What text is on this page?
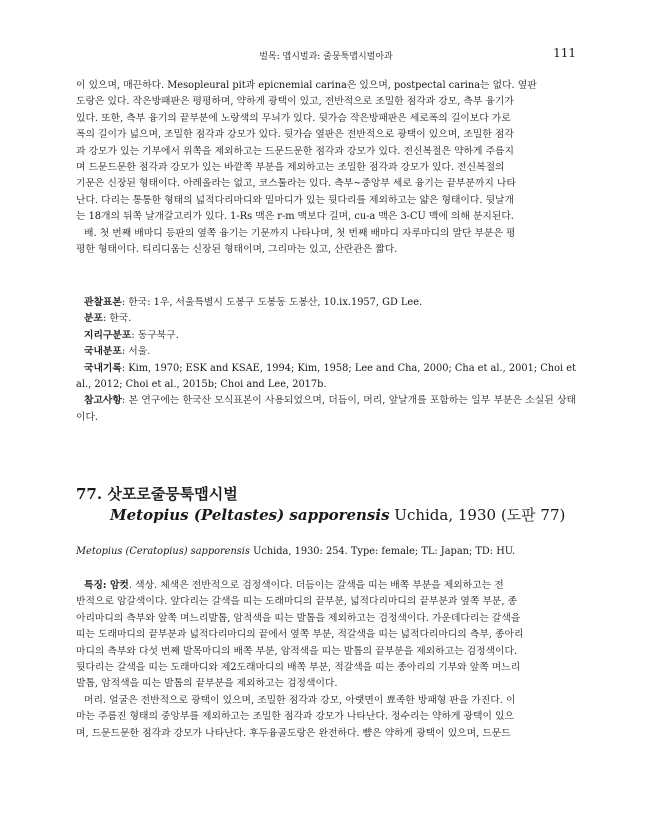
벌목: 맵시벌과: 줄뭉툭맵시벌아과	111

이 있으며, 매끈하다. Mesopleural pit과 epicnemial carina은 있으며, postpectal carina는 없다. 옆판

도랑은 있다. 작은방패판은 평평하며, 약하게 광택이 있고, 전반적으로 조밀한 점각과 강모, 측부 융기가

있다. 또한, 측부 융기의 끝부분에 노랑색의 무늬가 있다. 뒷가슴 작은방패판은 세로폭의 길이보다 가로

폭의 길이가 넓으며, 조밀한 점각과 강모가 있다. 뒷가슴 옆판은 전반적으로 광택이 있으며, 조밀한 점각

과 강모가 있는 기부에서 위쪽을 제외하고는 드문드문한 점각과 강모가 있다. 전신복절은 약하게 주름지

며 드문드문한 점각과 강모가 있는 바깥쪽 부분을 제외하고는 조밀한 점각과 강모가 있다. 전신복절의

기문은 신장된 형태이다. 아레올라는 없고, 코스툴라는 있다. 측부~중앙부 세로 융기는 끝부분까지 나타

난다. 다리는 통통한 형태의 넓적다리마디와 밑마디가 있는 뒷다리를 제외하고는 얇은 형태이다. 뒷날개

는 18개의 뒤쪽 날개갈고리가 있다. 1-Rs 맥은 r-m 맥보다 길며, cu-a 맥은 3-CU 맥에 의해 분지된다.

배. 첫 번째 배마디 등판의 옆쪽 융기는 기문까지 나타나며, 첫 번째 배마디 자루마디의 말단 부분은 평

평한 형태이다. 티리디움는 신장된 형태이며, 그리마는 있고, 산란관은 짧다.

관찰표본: 한국: 1우, 서울특별시 도봉구 도봉동 도봉산, 10.ix.1957, GD Lee.

분포: 한국.

지리구분포: 동구북구.

국내분포: 서울.

국내기록: Kim, 1970; ESK and KSAE, 1994; Kim, 1958; Lee and Cha, 2000; Cha et al., 2001; Choi et al., 2012; Choi et al., 2015b; Choi and Lee, 2017b.

참고사항: 본 연구에는 한국산 모식표본이 사용되었으며, 더듬이, 머리, 앞날개를 포함하는 일부 부분은 소실된 상태이다.

77. 삿포로줄뭉툭맵시벌
Metopius (Peltastes) sapporensis Uchida, 1930 (도판 77)
Metopius (Ceratopius) sapporensis Uchida, 1930: 254. Type: female; TL: Japan; TD: HU.

특징: 암컷. 색상. 체색은 전반적으로 검정색이다. 더듬이는 갈색을 띠는 배쪽 부분을 제외하고는 전

반적으로 암갈색이다. 앞다리는 갈색을 띠는 도래마디의 끝부분, 넓적다리마디의 끝부분과 옆쪽 부분, 종

아리마디의 측부와 앞쪽 며느리발톱, 암적색을 띠는 발톱을 제외하고는 검정색이다. 가운데다리는 갈색을

띠는 도래마디의 끝부분과 넓적다리마디의 끝에서 옆쪽 부분, 적갈색을 띠는 넓적다리마디의 측부, 종아리

마디의 측부와 다섯 번째 발목마디의 배쪽 부분, 암적색을 띠는 발톱의 끝부분을 제외하고는 검정색이다.

뒷다리는 갈색을 띠는 도래마디와 제2도래마디의 배쪽 부분, 적갈색을 띠는 종아리의 기부와 앞쪽 며느리

발톱, 암적색을 띠는 발톱의 끝부분을 제외하고는 검정색이다.

머리. 얼굴은 전반적으로 광택이 있으며, 조밀한 점각과 강모, 아랫면이 뾰족한 방패형 판을 가진다. 이

마는 주름진 형태의 중앙부를 제외하고는 조밀한 점각과 강모가 나타난다. 정수리는 약하게 광택이 있으

며, 드문드문한 점각과 강모가 나타난다. 후두융골도랑은 완전하다. 뺨은 약하게 광택이 있으며, 드문드
